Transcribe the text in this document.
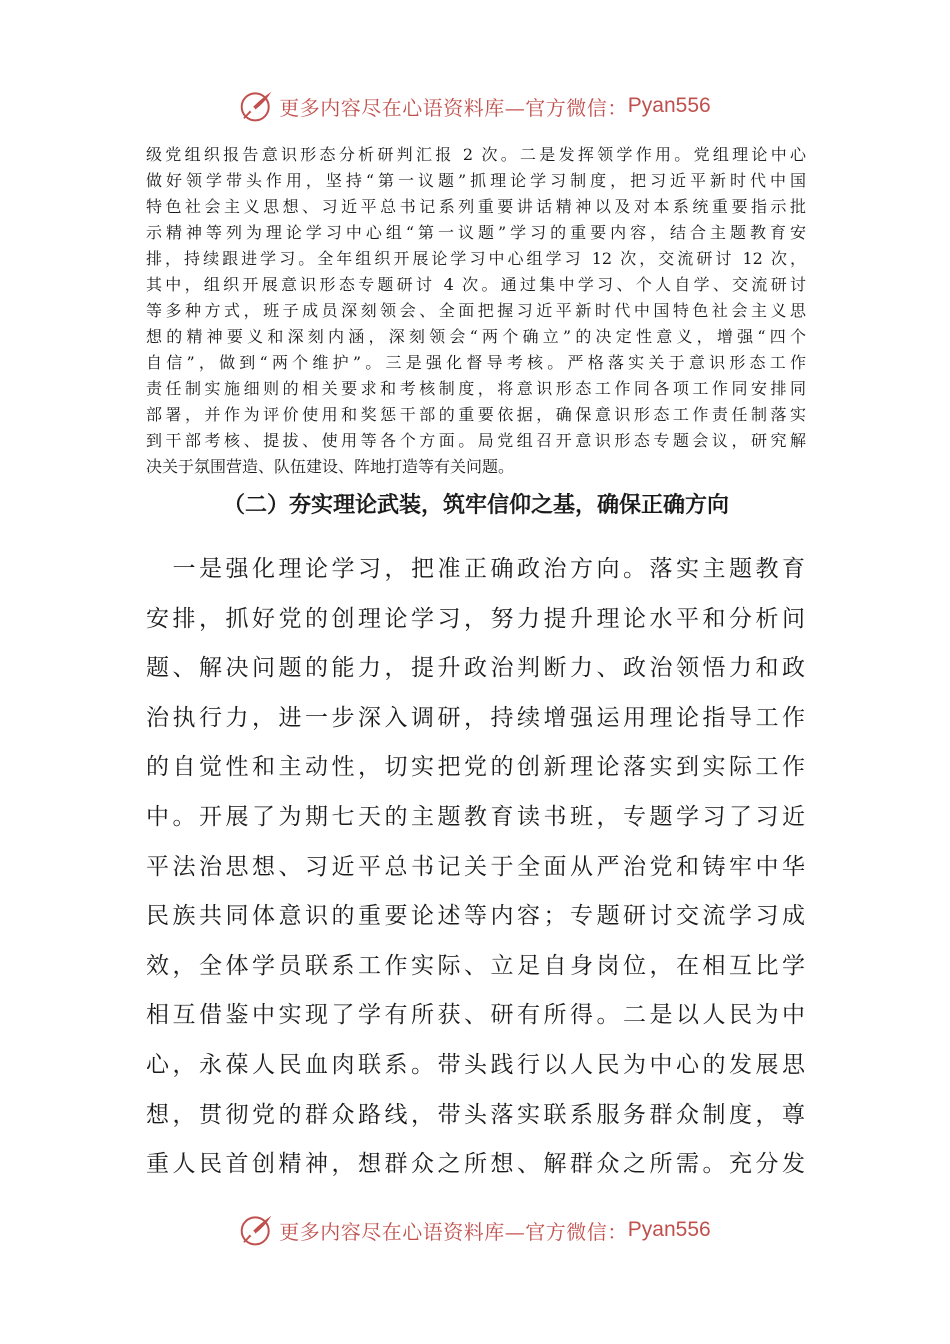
更多内容尽在心语资料库—官方微信： Pyan556
级党组织报告意识形态分析研判汇报 2 次。二是发挥领学作用。党组理论中心
做好领学带头作用，坚持“第一议题”抓理论学习制度，把习近平新时代中国
特色社会主义思想、习近平总书记系列重要讲话精神以及对本系统重要指示批
示精神等列为理论学习中心组“第一议题”学习的重要内容，结合主题教育安
排，持续跟进学习。全年组织开展论学习中心组学习 12 次，交流研讨 12 次，
其中，组织开展意识形态专题研讨 4 次。通过集中学习、个人自学、交流研讨
等多种方式，班子成员深刻领会、全面把握习近平新时代中国特色社会主义思
想的精神要义和深刻内涵，深刻领会“两个确立”的决定性意义，增强“四个
自信”，做到“两个维护”。三是强化督导考核。严格落实关于意识形态工作
责任制实施细则的相关要求和考核制度，将意识形态工作同各项工作同安排同
部署，并作为评价使用和奖惩干部的重要依据，确保意识形态工作责任制落实
到干部考核、提拔、使用等各个方面。局党组召开意识形态专题会议，研究解
决关于氛围营造、队伍建设、阵地打造等有关问题。
（二）夯实理论武装，筑牢信仰之基，确保正确方向
　一是强化理论学习，把准正确政治方向。落实主题教育
安排，抓好党的创理论学习，努力提升理论水平和分析问
题、解决问题的能力，提升政治判断力、政治领悟力和政
治执行力，进一步深入调研，持续增强运用理论指导工作
的自觉性和主动性，切实把党的创新理论落实到实际工作
中。开展了为期七天的主题教育读书班，专题学习了习近
平法治思想、习近平总书记关于全面从严治党和铸牢中华
民族共同体意识的重要论述等内容；专题研讨交流学习成
效，全体学员联系工作实际、立足自身岗位，在相互比学
相互借鉴中实现了学有所获、研有所得。二是以人民为中
心，永葆人民血肉联系。带头践行以人民为中心的发展思
想，贯彻党的群众路线，带头落实联系服务群众制度，尊
重人民首创精神，想群众之所想、解群众之所需。充分发
更多内容尽在心语资料库—官方微信： Pyan556
